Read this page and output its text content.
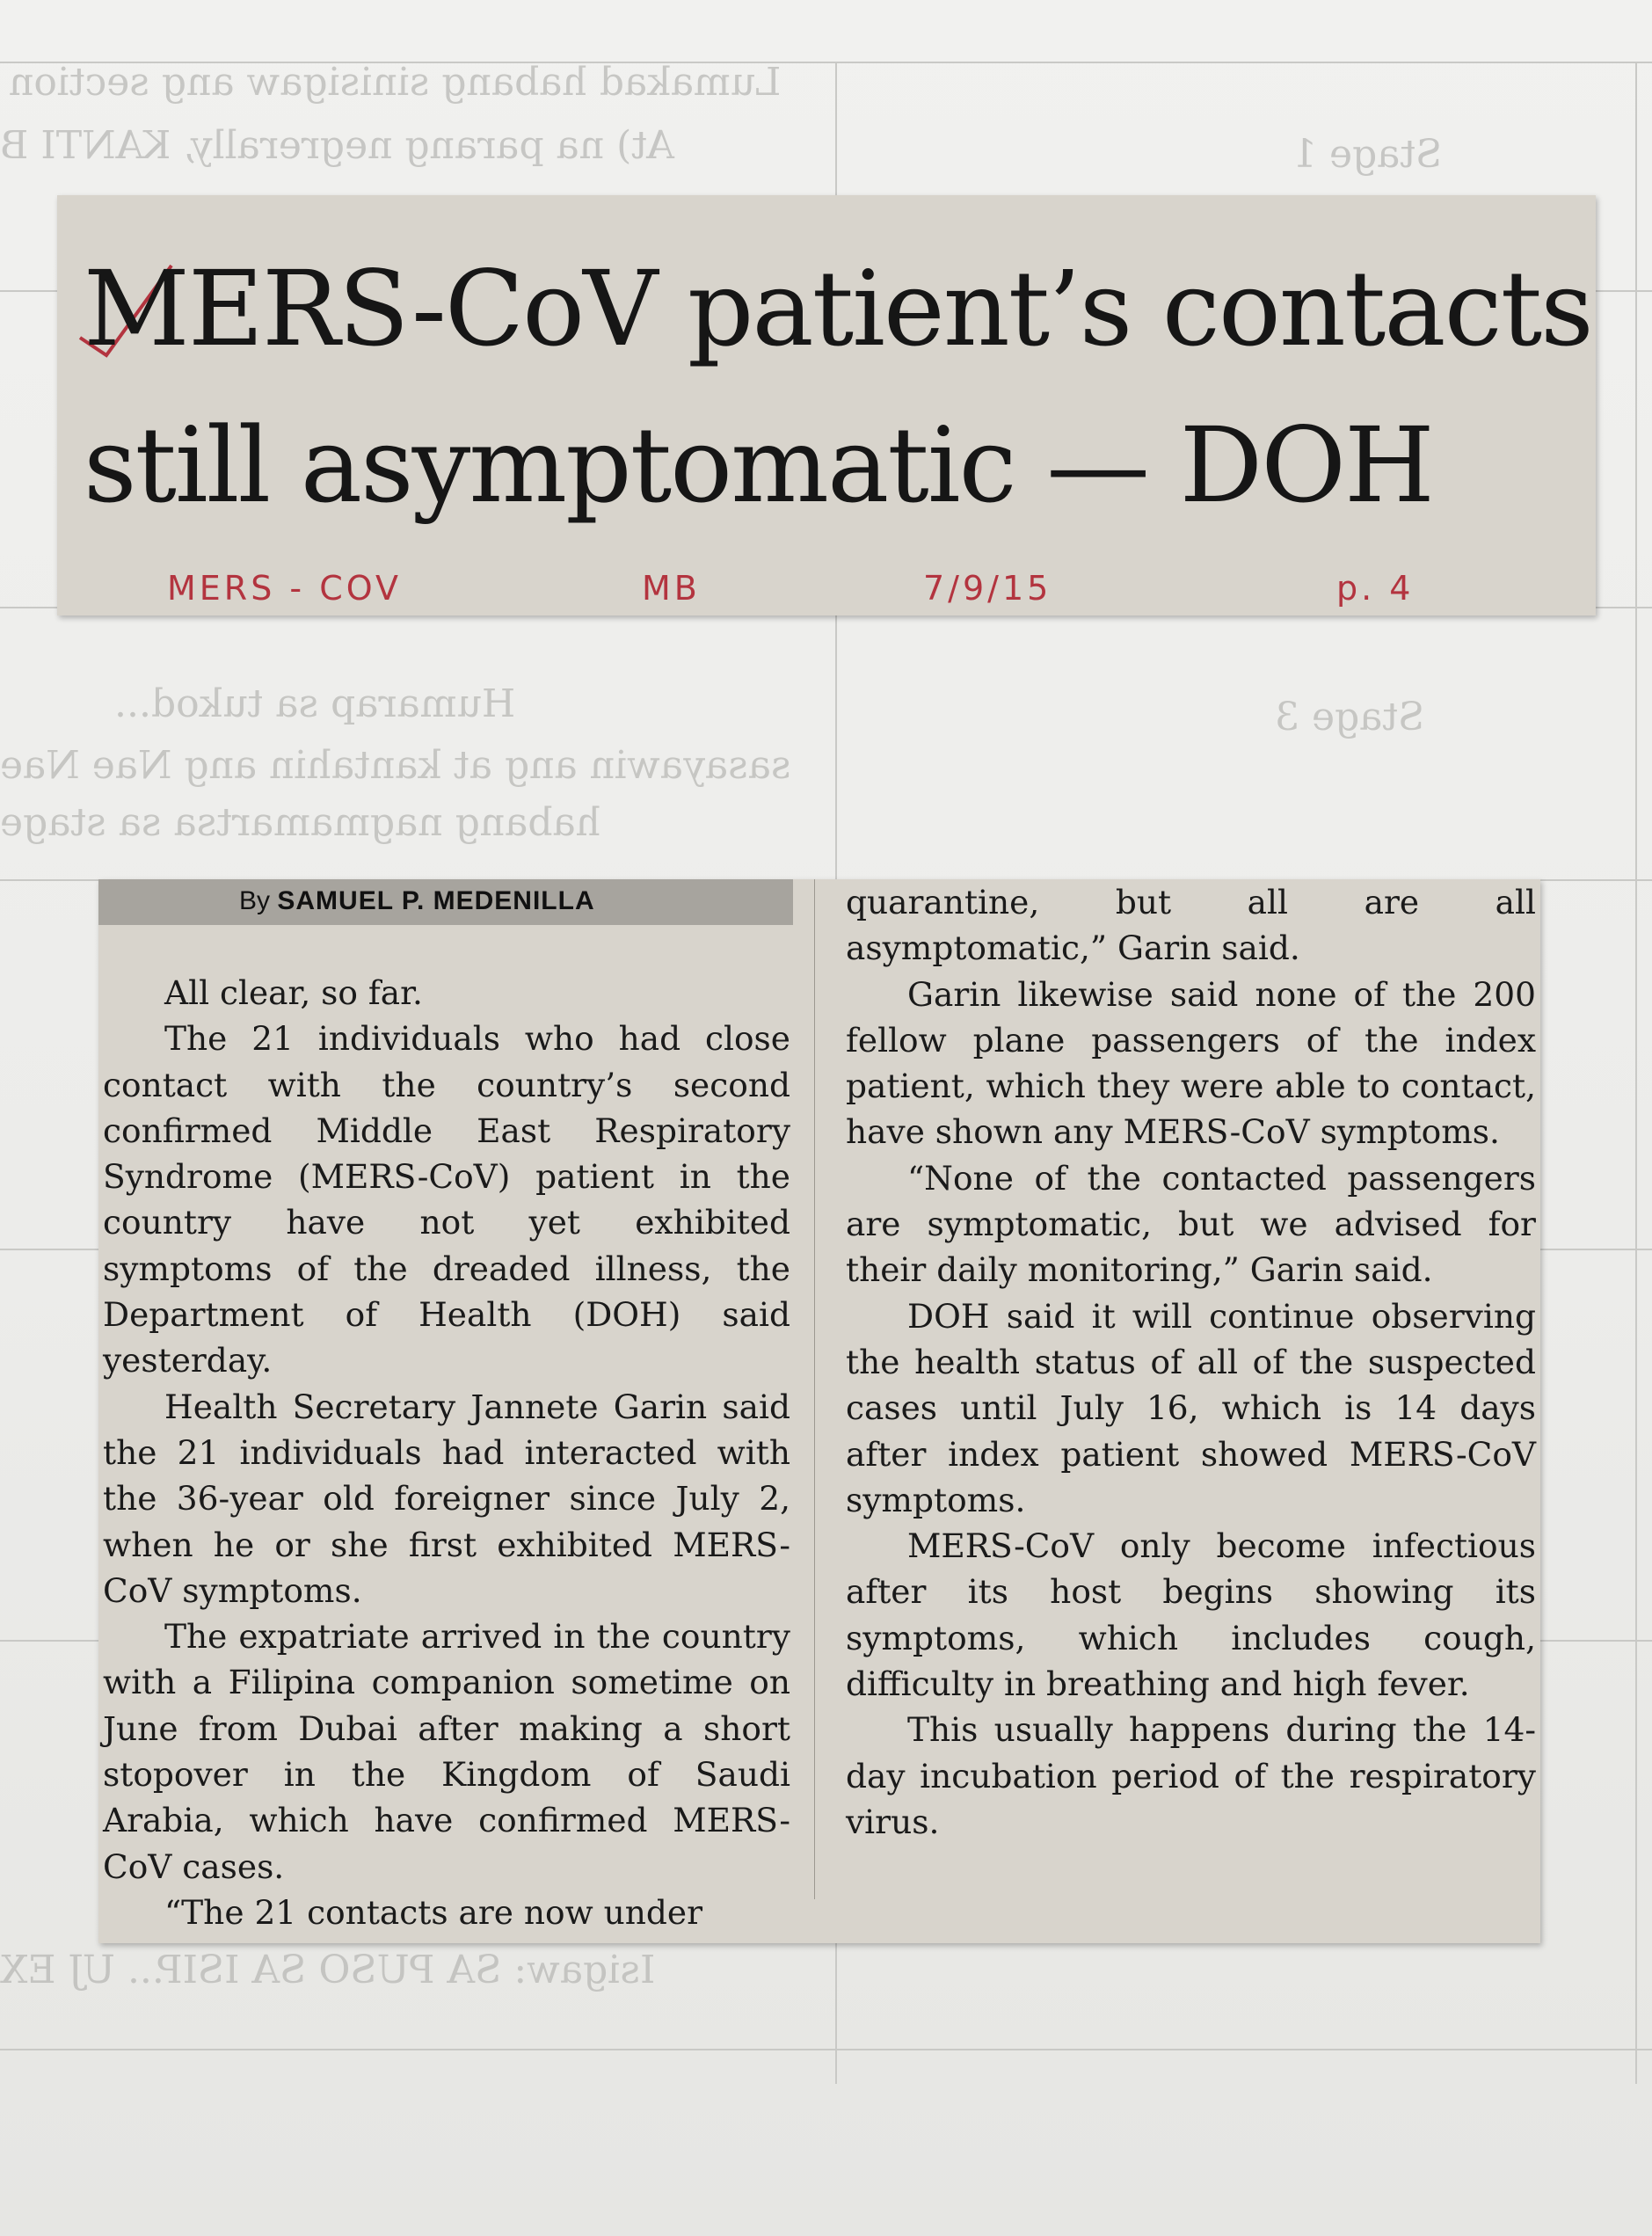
Lumakad habang sinisigaw ang section
At) na parang negrerally, KANTI B	Stage 1
Humarap sa tukod...
sasayawin ang at kantahin ang Nae Nae
habang nagmamartsa sa stage
Stage 3
Isigaw: SA PUSO SA ISIP... UJ EX
MERS-CoV patient’s contacts
still asymptomatic — DOH
MERS - COV	MB	7/9/15	p. 4
By SAMUEL P. MEDENILLA

All clear, so far.

The 21 individuals who had close contact with the country’s second confirmed Middle East Respiratory Syndrome (MERS-CoV) patient in the country have not yet exhibited symptoms of the dreaded illness, the Department of Health (DOH) said yesterday.

Health Secretary Jannete Garin said the 21 individuals had interacted with the 36-year old foreigner since July 2, when he or she first exhibited MERS-CoV symptoms.

The expatriate arrived in the country with a Filipina companion sometime on June from Dubai after making a short stopover in the Kingdom of Saudi Arabia, which have confirmed MERS-CoV cases.

“The 21 contacts are now under

quarantine, but all are all asymptomatic,” Garin said.

Garin likewise said none of the 200 fellow plane passengers of the index patient, which they were able to contact, have shown any MERS-CoV symptoms.

“None of the contacted passengers are symptomatic, but we advised for their daily monitoring,” Garin said.

DOH said it will continue observing the health status of all of the suspected cases until July 16, which is 14 days after index patient showed MERS-CoV symptoms.

MERS-CoV only become infectious after its host begins showing its symptoms, which includes cough, difficulty in breathing and high fever.

This usually happens during the 14-day incubation period of the respiratory virus.
